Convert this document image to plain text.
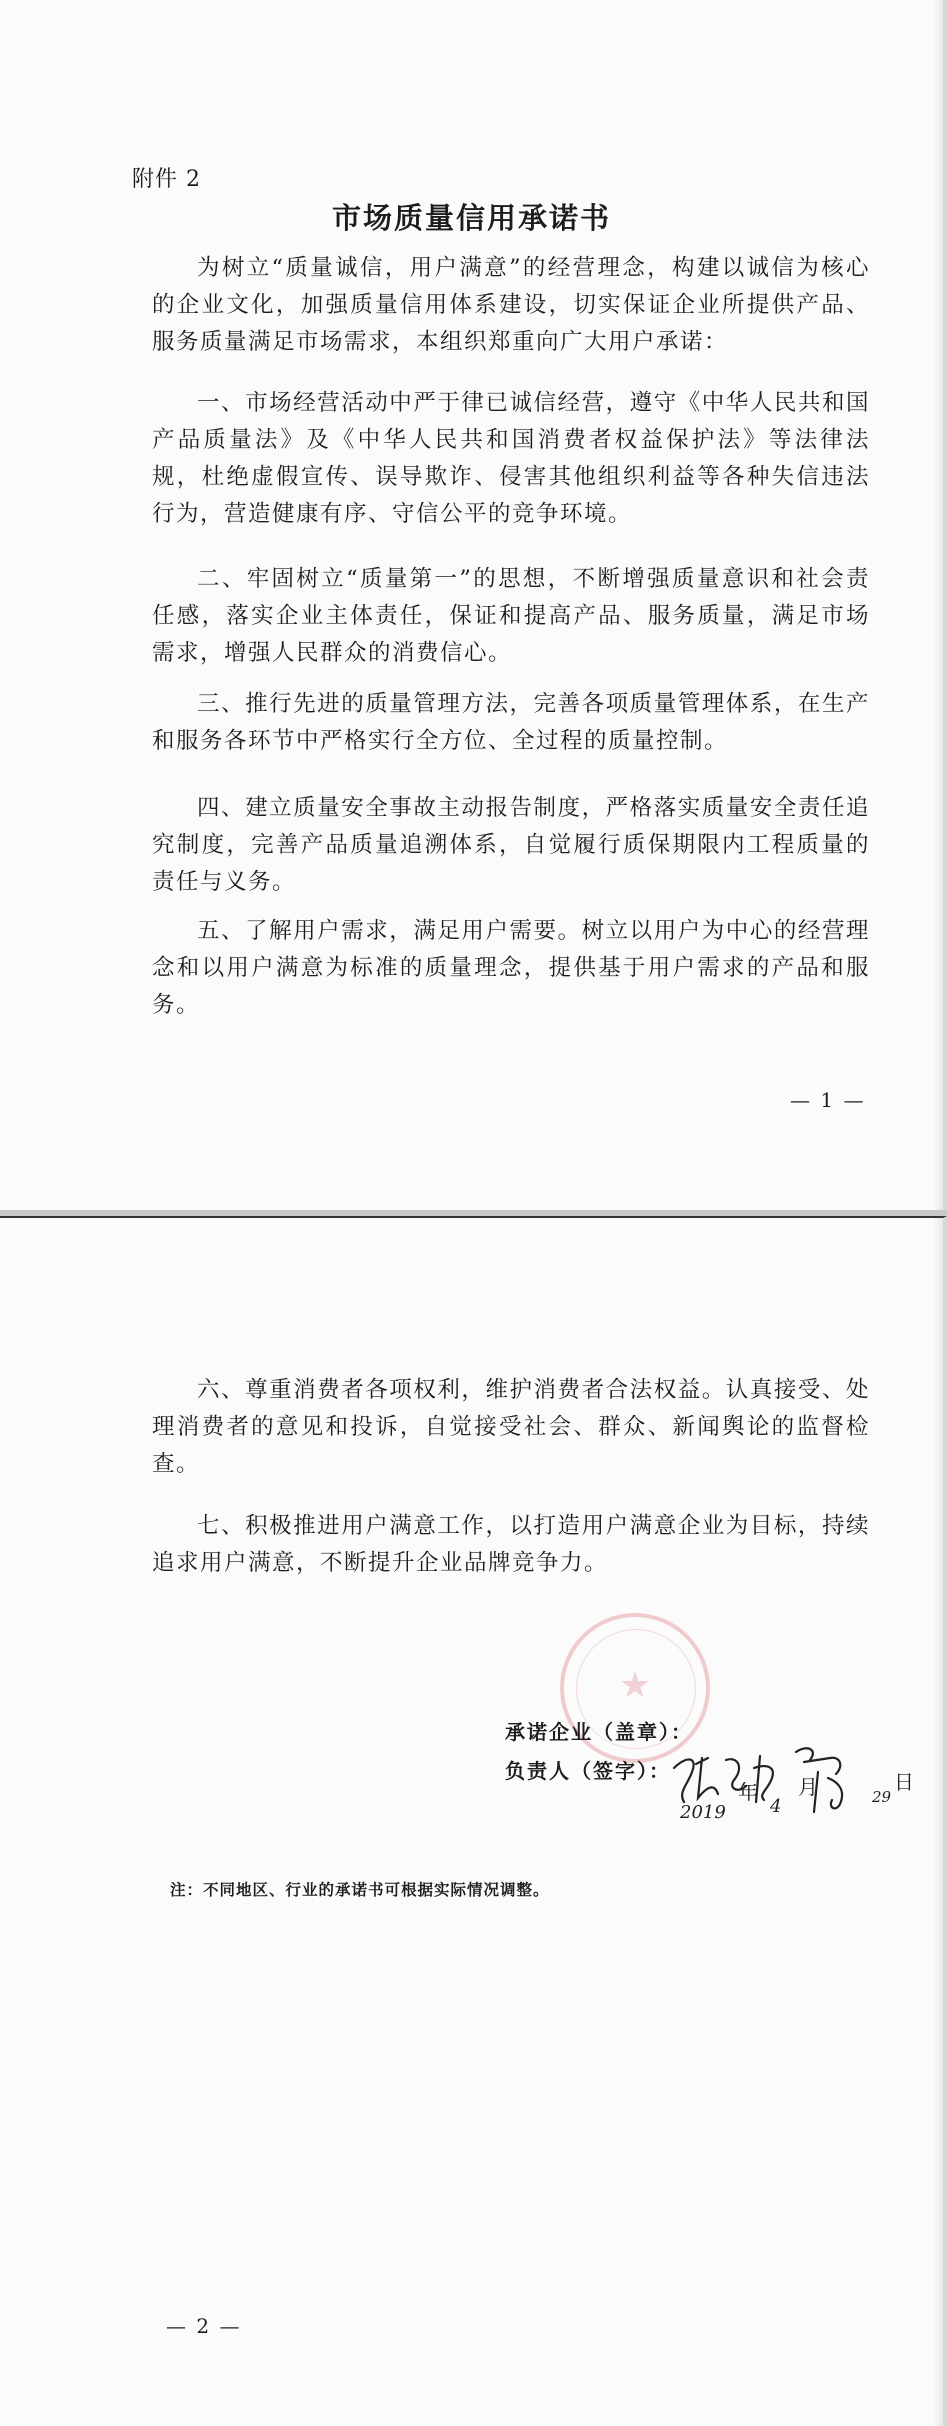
附件 2
市场质量信用承诺书

为树立“质量诚信，用户满意”的经营理念，构建以诚信为核心的企业文化，加强质量信用体系建设，切实保证企业所提供产品、服务质量满足市场需求，本组织郑重向广大用户承诺：

一、市场经营活动中严于律已诚信经营，遵守《中华人民共和国产品质量法》及《中华人民共和国消费者权益保护法》等法律法规，杜绝虚假宣传、误导欺诈、侵害其他组织利益等各种失信违法行为，营造健康有序、守信公平的竞争环境。

二、牢固树立“质量第一”的思想，不断增强质量意识和社会责任感，落实企业主体责任，保证和提高产品、服务质量，满足市场需求，增强人民群众的消费信心。

三、推行先进的质量管理方法，完善各项质量管理体系，在生产和服务各环节中严格实行全方位、全过程的质量控制。

四、建立质量安全事故主动报告制度，严格落实质量安全责任追究制度，完善产品质量追溯体系，自觉履行质保期限内工程质量的责任与义务。

五、了解用户需求，满足用户需要。树立以用户为中心的经营理念和以用户满意为标准的质量理念，提供基于用户需求的产品和服务。

— 1 —

六、尊重消费者各项权利，维护消费者合法权益。认真接受、处理消费者的意见和投诉，自觉接受社会、群众、新闻舆论的监督检查。

七、积极推进用户满意工作，以打造用户满意企业为目标，持续追求用户满意，不断提升企业品牌竞争力。

★
承诺企业（盖章）：
负责人（签字）：
年 月	日
2019 4	29
注：不同地区、行业的承诺书可根据实际情况调整。
— 2 —
